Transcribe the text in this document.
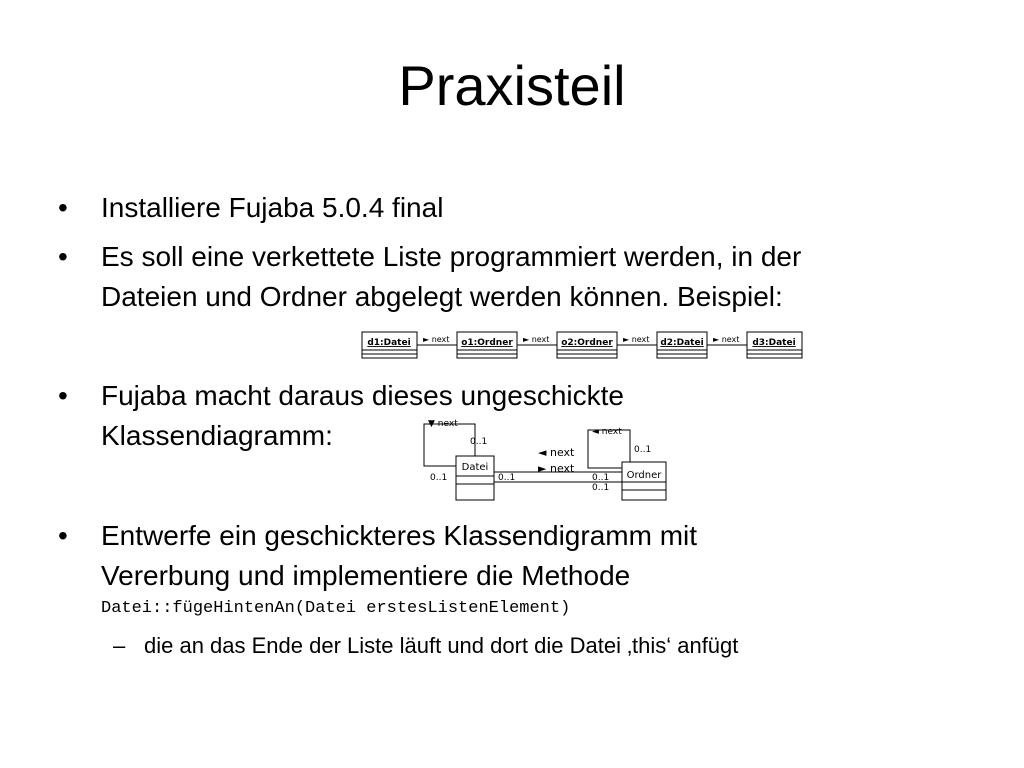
Praxisteil
• Installiere Fujaba 5.0.4 final
• Es soll eine verkettete Liste programmiert werden, in der
Dateien und Ordner abgelegt werden können. Beispiel:
d1:Datei ► next o1:Ordner ► next o2:Ordner ► next d2:Datei ► next d3:Datei
• Fujaba macht daraus dieses ungeschickte
Klassendiagramm:
Datei
▼ next
0..1
0..1
◄ next
► next
0..1	0..1
0..1
Ordner
◄ next
0..1
• Entwerfe ein geschickteres Klassendigramm mit
Vererbung und implementiere die Methode
Datei::fügeHintenAn(Datei erstesListenElement)
– die an das Ende der Liste läuft und dort die Datei ‚this‘ anfügt
